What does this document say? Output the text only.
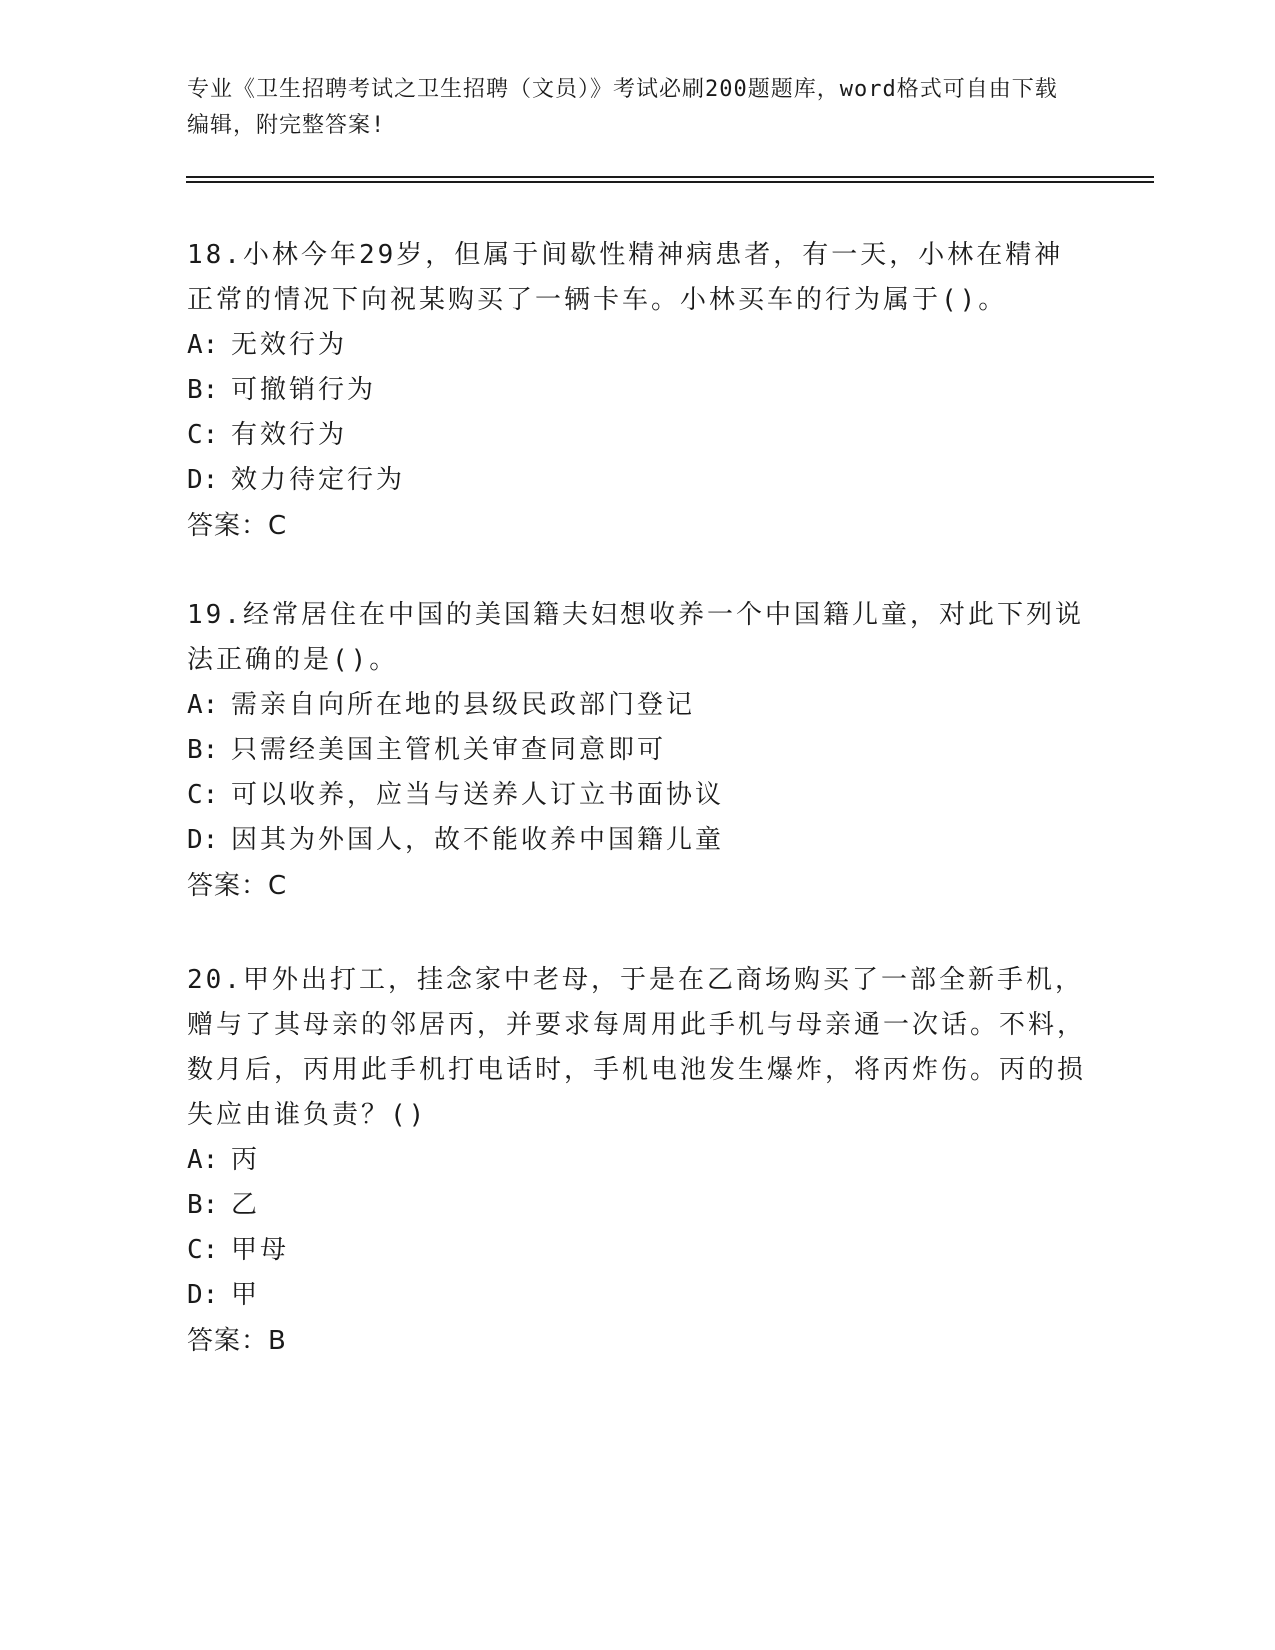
专业《卫生招聘考试之卫生招聘（文员）》考试必刷200题题库，word格式可自由下载编辑，附完整答案!

18.小林今年29岁，但属于间歇性精神病患者，有一天，小林在精神正常的情况下向祝某购买了一辆卡车。小林买车的行为属于()。

A: 无效行为

B: 可撤销行为

C: 有效行为

D: 效力待定行为

答案：C

19.经常居住在中国的美国籍夫妇想收养一个中国籍儿童，对此下列说法正确的是()。

A: 需亲自向所在地的县级民政部门登记

B: 只需经美国主管机关审查同意即可

C: 可以收养，应当与送养人订立书面协议

D: 因其为外国人，故不能收养中国籍儿童

答案：C

20.甲外出打工，挂念家中老母，于是在乙商场购买了一部全新手机，赠与了其母亲的邻居丙，并要求每周用此手机与母亲通一次话。不料，数月后，丙用此手机打电话时，手机电池发生爆炸，将丙炸伤。丙的损失应由谁负责？()

A: 丙

B: 乙

C: 甲母

D: 甲

答案：B
